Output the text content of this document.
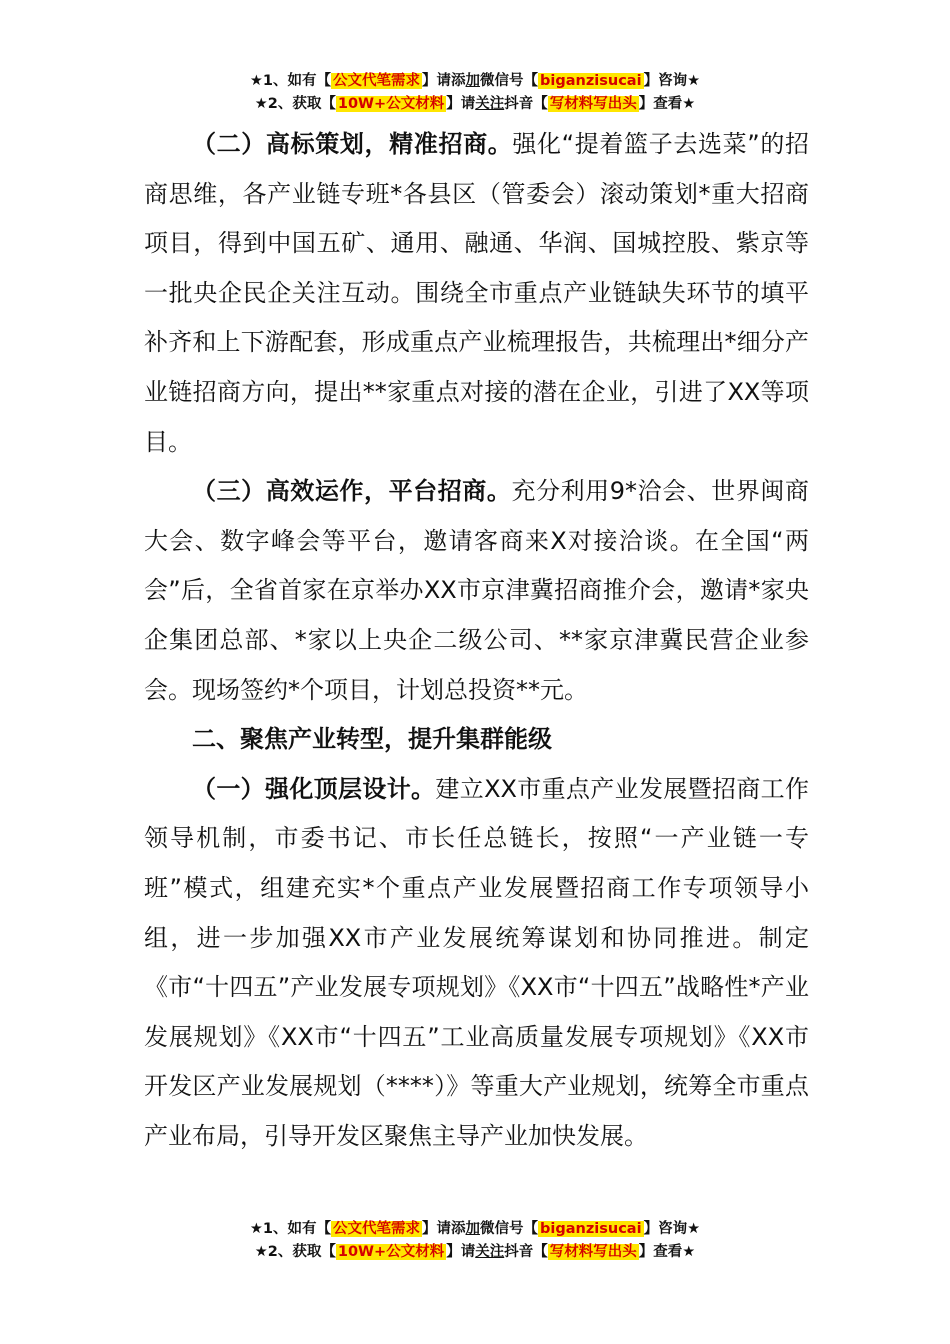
★1、如有【 公文代笔需求 】请添加微信号【 biganzisucai 】咨询★
★2、获取【 10W+公文材料 】请关注抖音【 写材料写出头 】查看★

（二）高标策划，精准招商。强化“提着篮子去选菜”的招商思维，各产业链专班*各县区（管委会）滚动策划*重大招商项目，得到中国五矿、通用、融通、华润、国城控股、紫京等一批央企民企关注互动。围绕全市重点产业链缺失环节的填平补齐和上下游配套，形成重点产业梳理报告，共梳理出*细分产业链招商方向，提出**家重点对接的潜在企业，引进了XX等项目。

（三）高效运作，平台招商。充分利用9*洽会、世界闽商大会、数字峰会等平台，邀请客商来X对接洽谈。在全国“两会”后，全省首家在京举办XX市京津冀招商推介会，邀请*家央企集团总部、*家以上央企二级公司、**家京津冀民营企业参会。现场签约*个项目，计划总投资**元。

二、聚焦产业转型，提升集群能级

（一）强化顶层设计。建立XX市重点产业发展暨招商工作领导机制，市委书记、市长任总链长，按照“一产业链一专班”模式，组建充实*个重点产业发展暨招商工作专项领导小组，进一步加强XX市产业发展统筹谋划和协同推进。制定《市“十四五”产业发展专项规划》《XX市“十四五”战略性*产业发展规划》《XX市“十四五”工业高质量发展专项规划》《XX市开发区产业发展规划（****）》等重大产业规划，统筹全市重点产业布局，引导开发区聚焦主导产业加快发展。

★1、如有【 公文代笔需求 】请添加微信号【 biganzisucai 】咨询★
★2、获取【 10W+公文材料 】请关注抖音【 写材料写出头 】查看★
